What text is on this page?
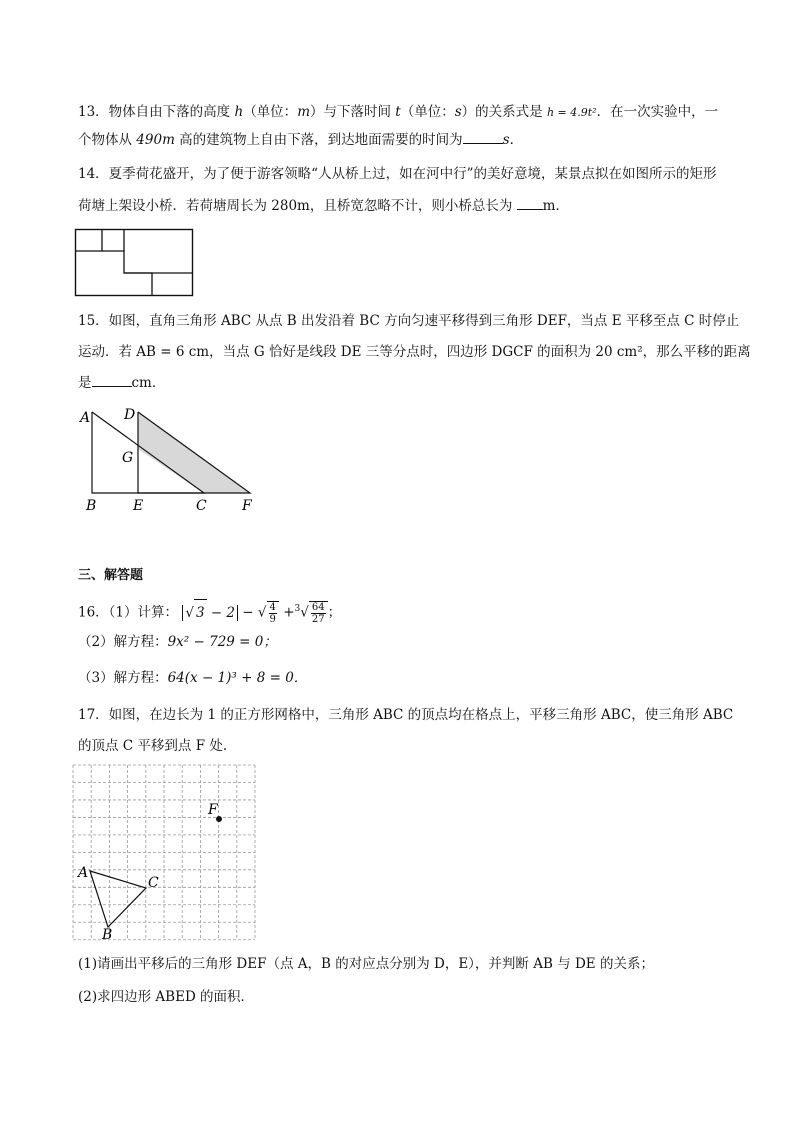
13．物体自由下落的高度 h（单位：m）与下落时间 t（单位：s）的关系式是 h = 4.9t²．在一次实验中，一
个物体从 490m 高的建筑物上自由下落，到达地面需要的时间为	s．
14．夏季荷花盛开，为了便于游客领略“人从桥上过，如在河中行”的美好意境，某景点拟在如图所示的矩形
荷塘上架设小桥．若荷塘周长为 280m，且桥宽忽略不计，则小桥总长为 m．
15．如图，直角三角形 ABC 从点 B 出发沿着 BC 方向匀速平移得到三角形 DEF，当点 E 平移至点 C 时停止
运动．若 AB = 6 cm，当点 G 恰好是线段 DE 三等分点时，四边形 DGCF 的面积为 20 cm²，那么平移的距离
是	cm．
A D
G
B	E	C	F
三、解答题
16．（1）计算： √ 3 − 2 − √ $\frac{4}{9} +^3√ \frac{64}{27}$ ；
（2）解方程：9x² − 729 = 0；
（3）解方程：64(x − 1)³ + 8 = 0．
17．如图，在边长为 1 的正方形网格中，三角形 ABC 的顶点均在格点上，平移三角形 ABC，使三角形 ABC
的顶点 C 平移到点 F 处．
A
B
C
F
(1)请画出平移后的三角形 DEF（点 A，B 的对应点分别为 D，E），并判断 AB 与 DE 的关系；
(2)求四边形 ABED 的面积．
